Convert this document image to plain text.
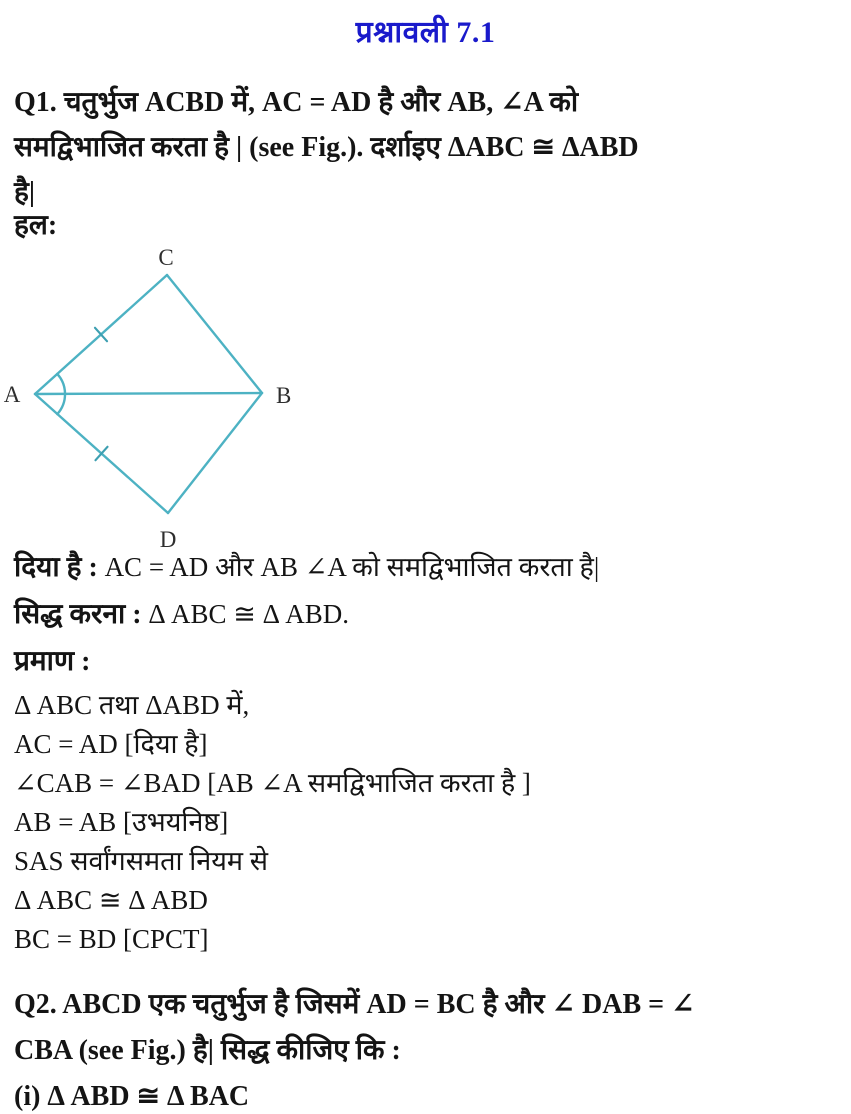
प्रश्नावली 7.1
Q1. चतुर्भुज ACBD में, AC = AD है और AB, ∠A को
समद्विभाजित करता है | (see Fig.). दर्शाइए ΔABC ≅ ΔABD
है|
हल:
A	B
C
D
दिया है : AC = AD और AB ∠A को समद्विभाजित करता है|
सिद्ध करना : Δ ABC ≅ Δ ABD.
प्रमाण :
Δ ABC तथा ΔABD में,
AC = AD [दिया है]
∠CAB = ∠BAD [AB ∠A समद्विभाजित करता है ]
AB = AB [उभयनिष्ठ]
SAS सर्वांगसमता नियम से
Δ ABC ≅ Δ ABD
BC = BD [CPCT]
Q2. ABCD एक चतुर्भुज है जिसमें AD = BC है और ∠ DAB = ∠
CBA (see Fig.) है| सिद्ध कीजिए कि :
(i) Δ ABD ≅ Δ BAC
